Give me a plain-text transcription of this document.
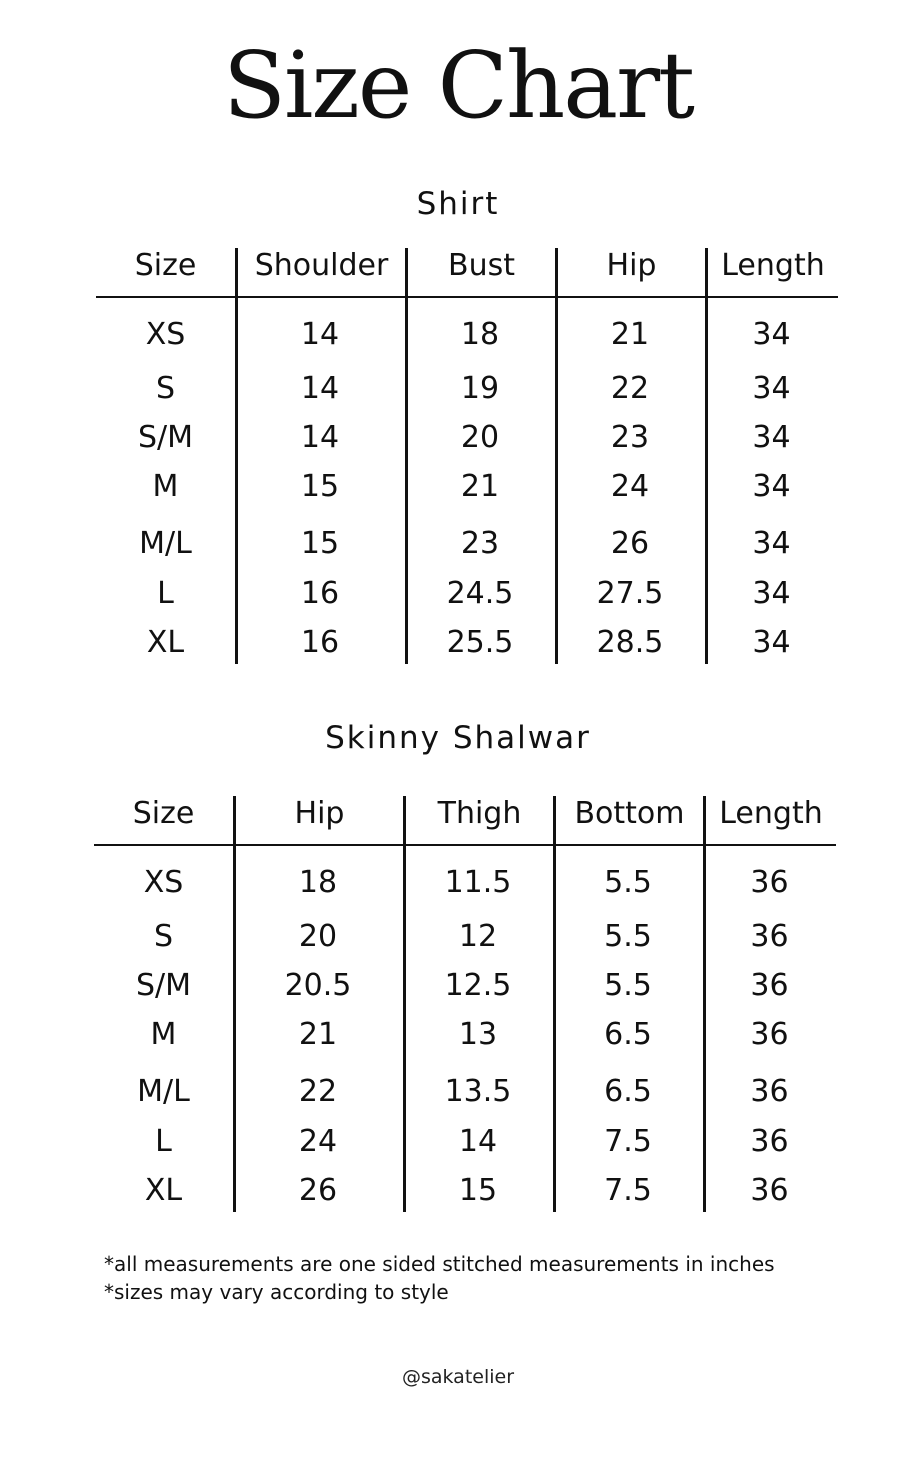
Size Chart
Shirt
Size	Shoulder	Bust	Hip	Length
XS	14	18	21	34
S	14	19	22	34
S/M	14	20	23	34
M	15	21	24	34
M/L	15	23	26	34
L	16	24.5	27.5	34
XL	16	25.5	28.5	34
Skinny Shalwar
Size	Hip	Thigh	Bottom	Length
XS	18	11.5	5.5	36
S	20	12	5.5	36
S/M	20.5	12.5	5.5	36
M	21	13	6.5	36
M/L	22	13.5	6.5	36
L	24	14	7.5	36
XL	26	15	7.5	36
*all measurements are one sided stitched measurements in inches
*sizes may vary according to style
@sakatelier
